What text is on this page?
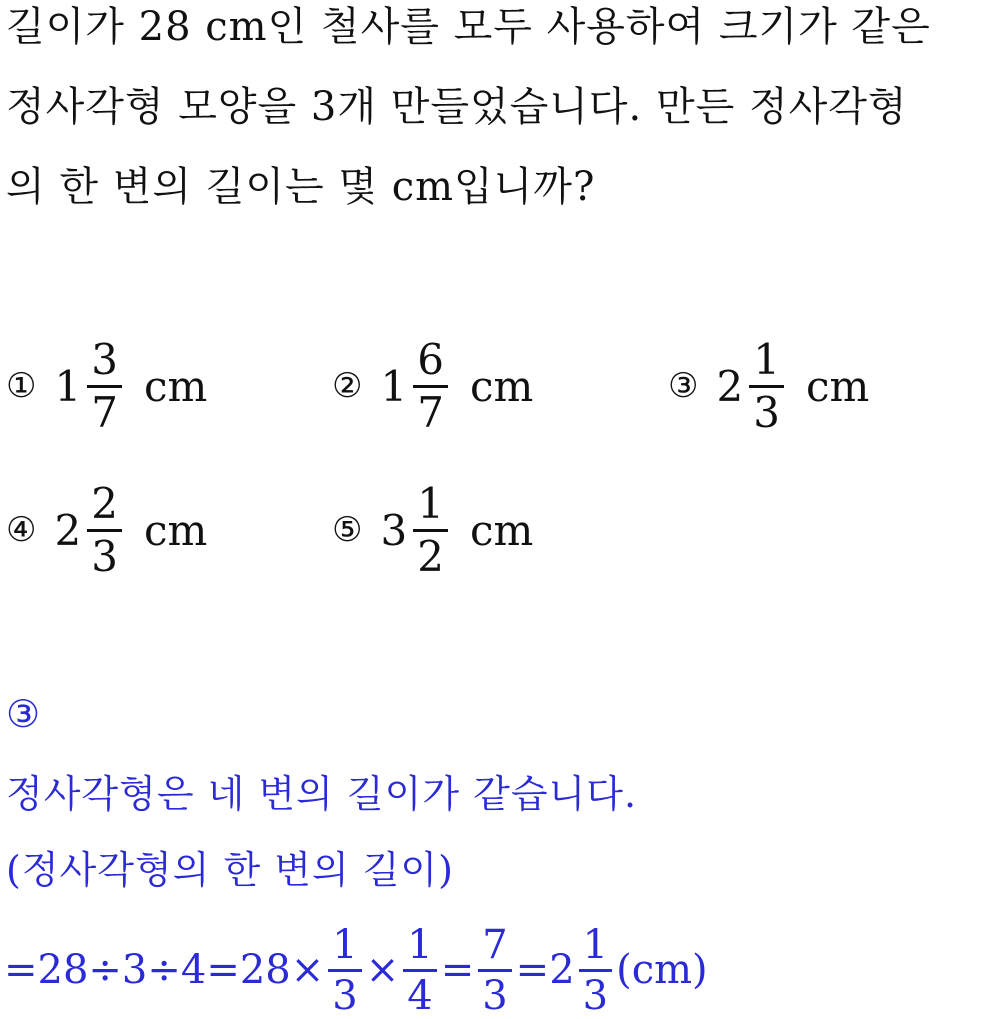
길이가 28 cm인 철사를 모두 사용하여 크기가 같은
정사각형 모양을 3개 만들었습니다. 만든 정사각형
의 한 변의 길이는 몇 cm입니까?
① $1 \frac{3}{7}$ cm	② $1 \frac{6}{7}$ cm	③ $2 \frac{1}{3}$ cm
④ $2 \frac{2}{3}$ cm	⑤ $3 \frac{1}{2}$ cm
③
정사각형은 네 변의 길이가 같습니다.
(정사각형의 한 변의 길이)
$=28\div 3\div 4=28\times \frac{1}{3} \times \frac{1}{4} = \frac{7}{3} =2 \frac{1}{3} (cm)$
